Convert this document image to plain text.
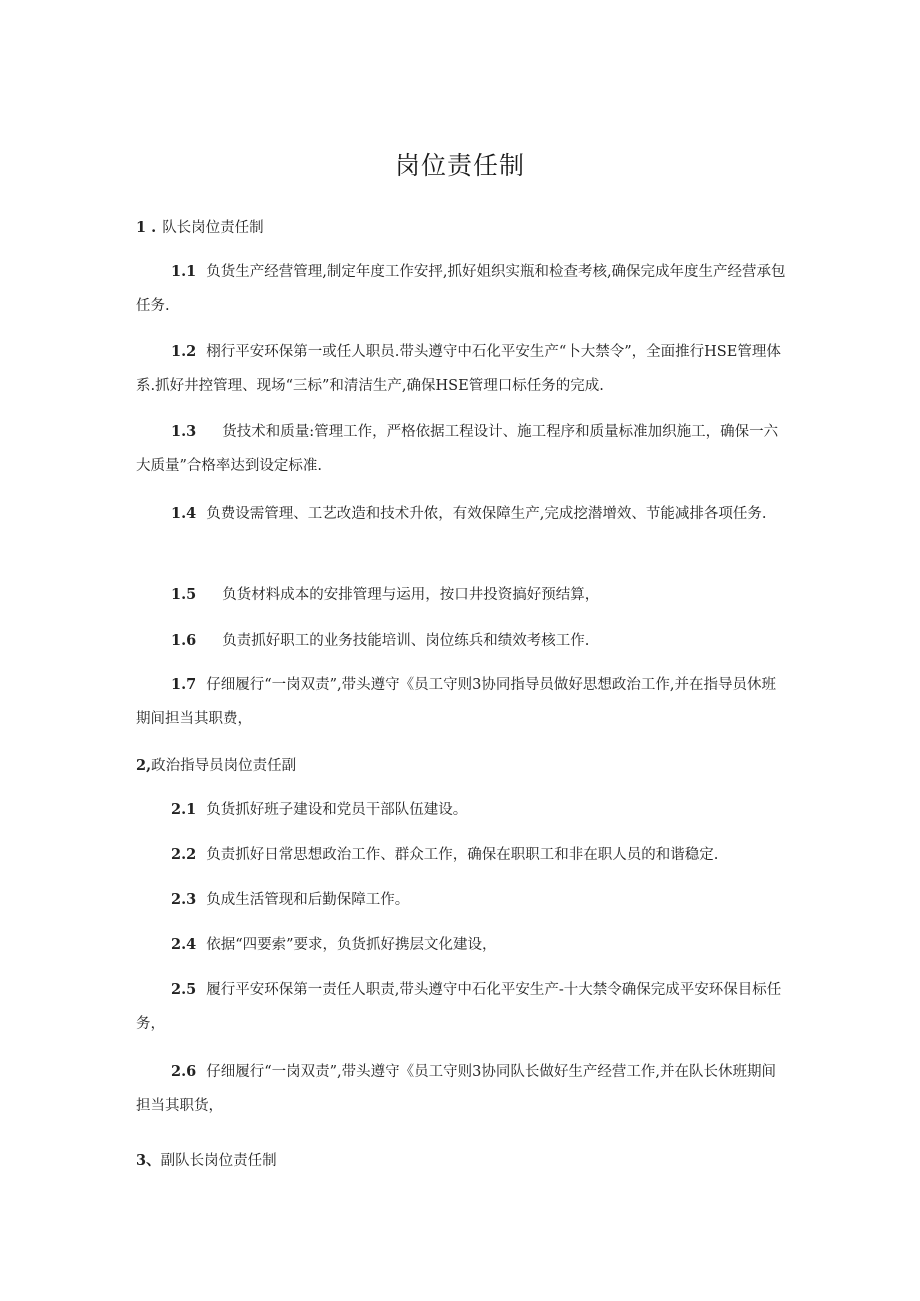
岗位责任制
1 . 队长岗位责任制
1.1 负货生产经营管理,制定年度工作安抨,抓好姐织实瓶和检查考核,确保完成年度生产经营承包任务.
1.2 栩行平安环保第一或任人职员.带头遵守中石化平安生产“卜大禁令”，全面推行HSE管理体系.抓好井控管理、现场“三标”和清洁生产,确保HSE管理口标任务的完成.
1.3 货技术和质量:管理工作，严格依据工程设计、施工程序和质量标准加织施工，确保一六大质量”合格率达到设定标准.
1.4 负费设需管理、工艺改造和技术升侬，有效保障生产,完成挖潜增效、节能减排各项任务.
1.5 负货材料成本的安排管理与运用，按口井投资搞好预结算，
1.6 负责抓好职工的业务技能培训、岗位练兵和绩效考核工作.
1.7 仔细履行“一岗双责”,带头遵守《员工守则3协同指导员做好思想政治工作,并在指导员休班期间担当其职费，
2,政治指导员岗位责任副
2.1 负货抓好班子建设和党员干部队伍建设。
2.2 负责抓好日常思想政治工作、群众工作，确保在职职工和非在职人员的和谐稳定.
2.3 负成生活管现和后勤保障工作。
2.4 依据“四要索”要求，负货抓好携层文化建设，
2.5 履行平安环保第一责任人职责,带头遵守中石化平安生产-十大禁令确保完成平安环保目标任务，
2.6 仔细履行“一岗双责”,带头遵守《员工守则3协同队长做好生产经营工作,并在队长休班期间担当其职货，
3、副队长岗位责任制
